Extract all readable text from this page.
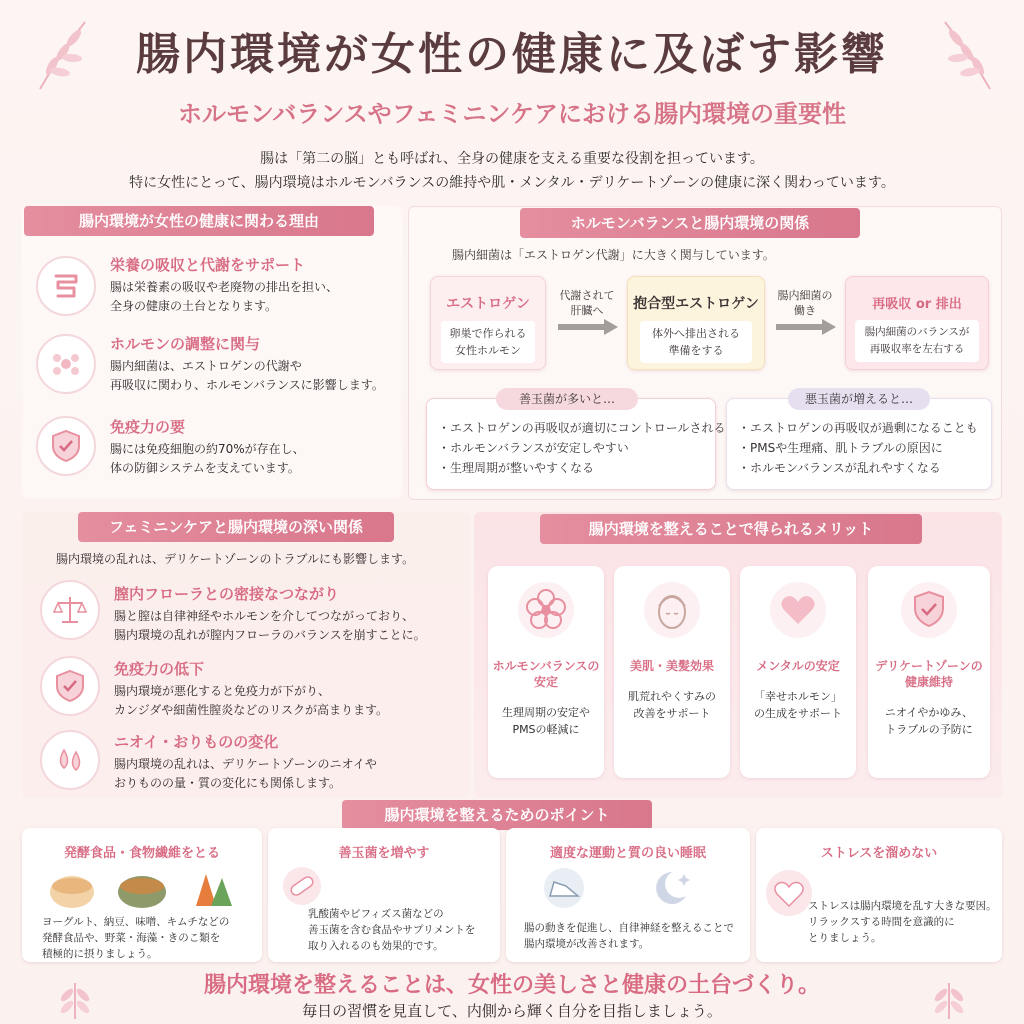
腸内環境が女性の健康に及ぼす影響
ホルモンバランスやフェミニンケアにおける腸内環境の重要性
腸は「第二の脳」とも呼ばれ、全身の健康を支える重要な役割を担っています。
特に女性にとって、腸内環境はホルモンバランスの維持や肌・メンタル・デリケートゾーンの健康に深く関わっています。
腸内環境が女性の健康に関わる理由
栄養の吸収と代謝をサポート
腸は栄養素の吸収や老廃物の排出を担い、
全身の健康の土台となります。
ホルモンの調整に関与
腸内細菌は、エストロゲンの代謝や
再吸収に関わり、ホルモンバランスに影響します。
免疫力の要
腸には免疫細胞の約70%が存在し、
体の防御システムを支えています。
ホルモンバランスと腸内環境の関係
腸内細菌は「エストロゲン代謝」に大きく関与しています。
エストロゲン
卵巣で作られる
女性ホルモン
代謝されて
肝臓へ	抱合型エストロゲン
体外へ排出される
準備をする
腸内細菌の
働き	再吸収 or 排出
腸内細菌のバランスが
再吸収率を左右する
善玉菌が多いと…
・エストロゲンの再吸収が適切にコントロールされる
・ホルモンバランスが安定しやすい
・生理周期が整いやすくなる
悪玉菌が増えると…
・エストロゲンの再吸収が過剰になることも
・PMSや生理痛、肌トラブルの原因に
・ホルモンバランスが乱れやすくなる
フェミニンケアと腸内環境の深い関係
腸内環境の乱れは、デリケートゾーンのトラブルにも影響します。
膣内フローラとの密接なつながり
腸と膣は自律神経やホルモンを介してつながっており、
腸内環境の乱れが膣内フローラのバランスを崩すことに。
免疫力の低下
腸内環境が悪化すると免疫力が下がり、
カンジダや細菌性膣炎などのリスクが高まります。
ニオイ・おりものの変化
腸内環境の乱れは、デリケートゾーンのニオイや
おりものの量・質の変化にも関係します。
腸内環境を整えることで得られるメリット
ホルモンバランスの
安定
生理周期の安定や
PMSの軽減に
美肌・美髪効果
肌荒れやくすみの
改善をサポート
メンタルの安定
「幸せホルモン」
の生成をサポート
デリケートゾーンの
健康維持
ニオイやかゆみ、
トラブルの予防に
腸内環境を整えるためのポイント
発酵食品・食物繊維をとる
ヨーグルト、納豆、味噌、キムチなどの
発酵食品や、野菜・海藻・きのこ類を
積極的に摂りましょう。
善玉菌を増やす
乳酸菌やビフィズス菌などの
善玉菌を含む食品やサプリメントを
取り入れるのも効果的です。
適度な運動と質の良い睡眠
腸の動きを促進し、自律神経を整えることで
腸内環境が改善されます。
ストレスを溜めない
ストレスは腸内環境を乱す大きな要因。
リラックスする時間を意識的に
とりましょう。
腸内環境を整えることは、女性の美しさと健康の土台づくり。
毎日の習慣を見直して、内側から輝く自分を目指しましょう。
